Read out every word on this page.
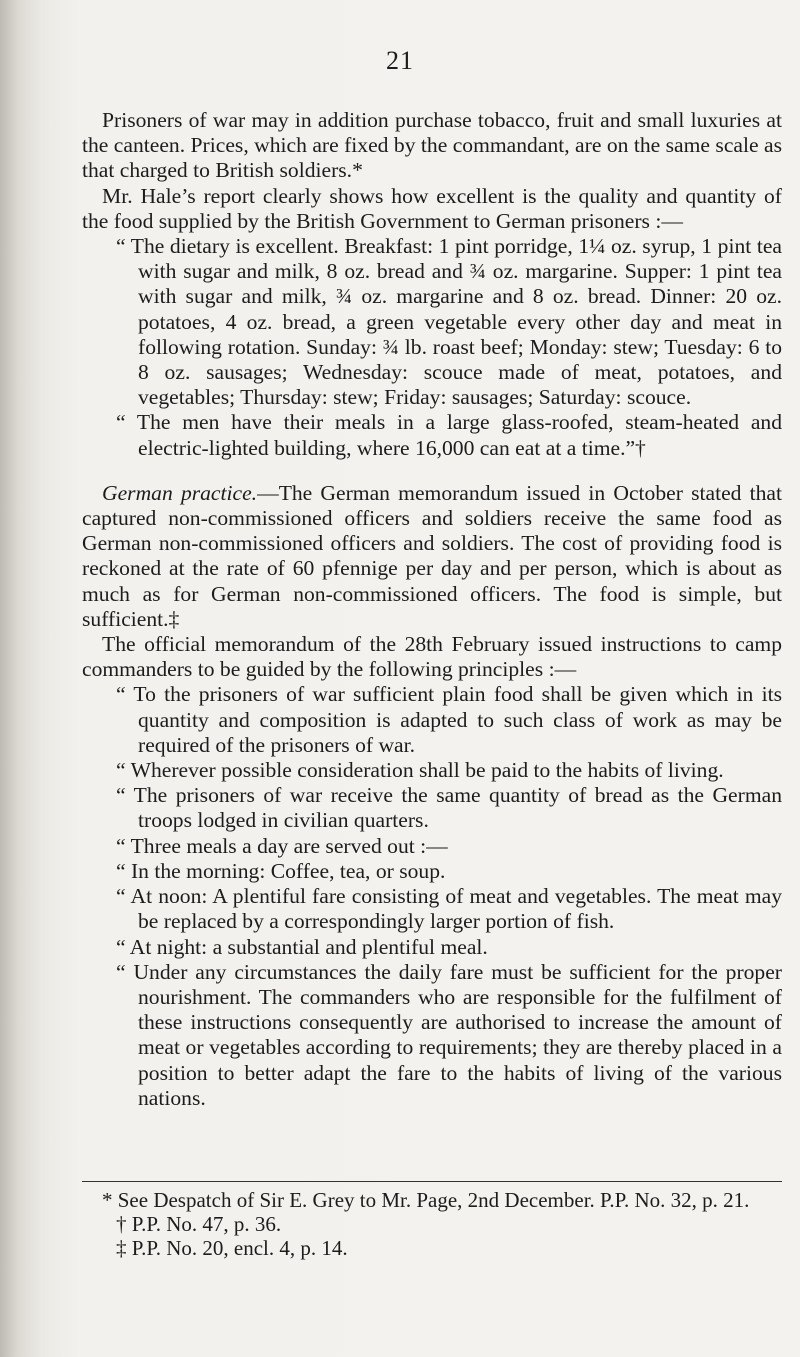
21

Prisoners of war may in addition purchase tobacco, fruit and small luxuries at the canteen. Prices, which are fixed by the commandant, are on the same scale as that charged to British soldiers.*

Mr. Hale’s report clearly shows how excellent is the quality and quantity of the food supplied by the British Government to German prisoners :—

“ The dietary is excellent. Breakfast: 1 pint porridge, 1¼ oz. syrup, 1 pint tea with sugar and milk, 8 oz. bread and ¾ oz. margarine. Supper: 1 pint tea with sugar and milk, ¾ oz. margarine and 8 oz. bread. Dinner: 20 oz. potatoes, 4 oz. bread, a green vegetable every other day and meat in following rotation. Sunday: ¾ lb. roast beef; Monday: stew; Tuesday: 6 to 8 oz. sausages; Wednesday: scouce made of meat, potatoes, and vegetables; Thursday: stew; Friday: sausages; Saturday: scouce.

“ The men have their meals in a large glass-roofed, steam-heated and electric-lighted building, where 16,000 can eat at a time.”†

German practice.—The German memorandum issued in October stated that captured non-commissioned officers and soldiers receive the same food as German non-commissioned officers and soldiers. The cost of providing food is reckoned at the rate of 60 pfennige per day and per person, which is about as much as for German non-commissioned officers. The food is simple, but sufficient.‡

The official memorandum of the 28th February issued instructions to camp commanders to be guided by the following principles :—

“ To the prisoners of war sufficient plain food shall be given which in its quantity and composition is adapted to such class of work as may be required of the prisoners of war.

“ Wherever possible consideration shall be paid to the habits of living.

“ The prisoners of war receive the same quantity of bread as the German troops lodged in civilian quarters.

“ Three meals a day are served out :—

“ In the morning: Coffee, tea, or soup.

“ At noon: A plentiful fare consisting of meat and vegetables. The meat may be replaced by a correspondingly larger portion of fish.

“ At night: a substantial and plentiful meal.

“ Under any circumstances the daily fare must be sufficient for the proper nourishment. The commanders who are responsible for the fulfilment of these instructions consequently are authorised to increase the amount of meat or vegetables according to requirements; they are thereby placed in a position to better adapt the fare to the habits of living of the various nations.

* See Despatch of Sir E. Grey to Mr. Page, 2nd December. P.P. No. 32, p. 21.

† P.P. No. 47, p. 36.

‡ P.P. No. 20, encl. 4, p. 14.
